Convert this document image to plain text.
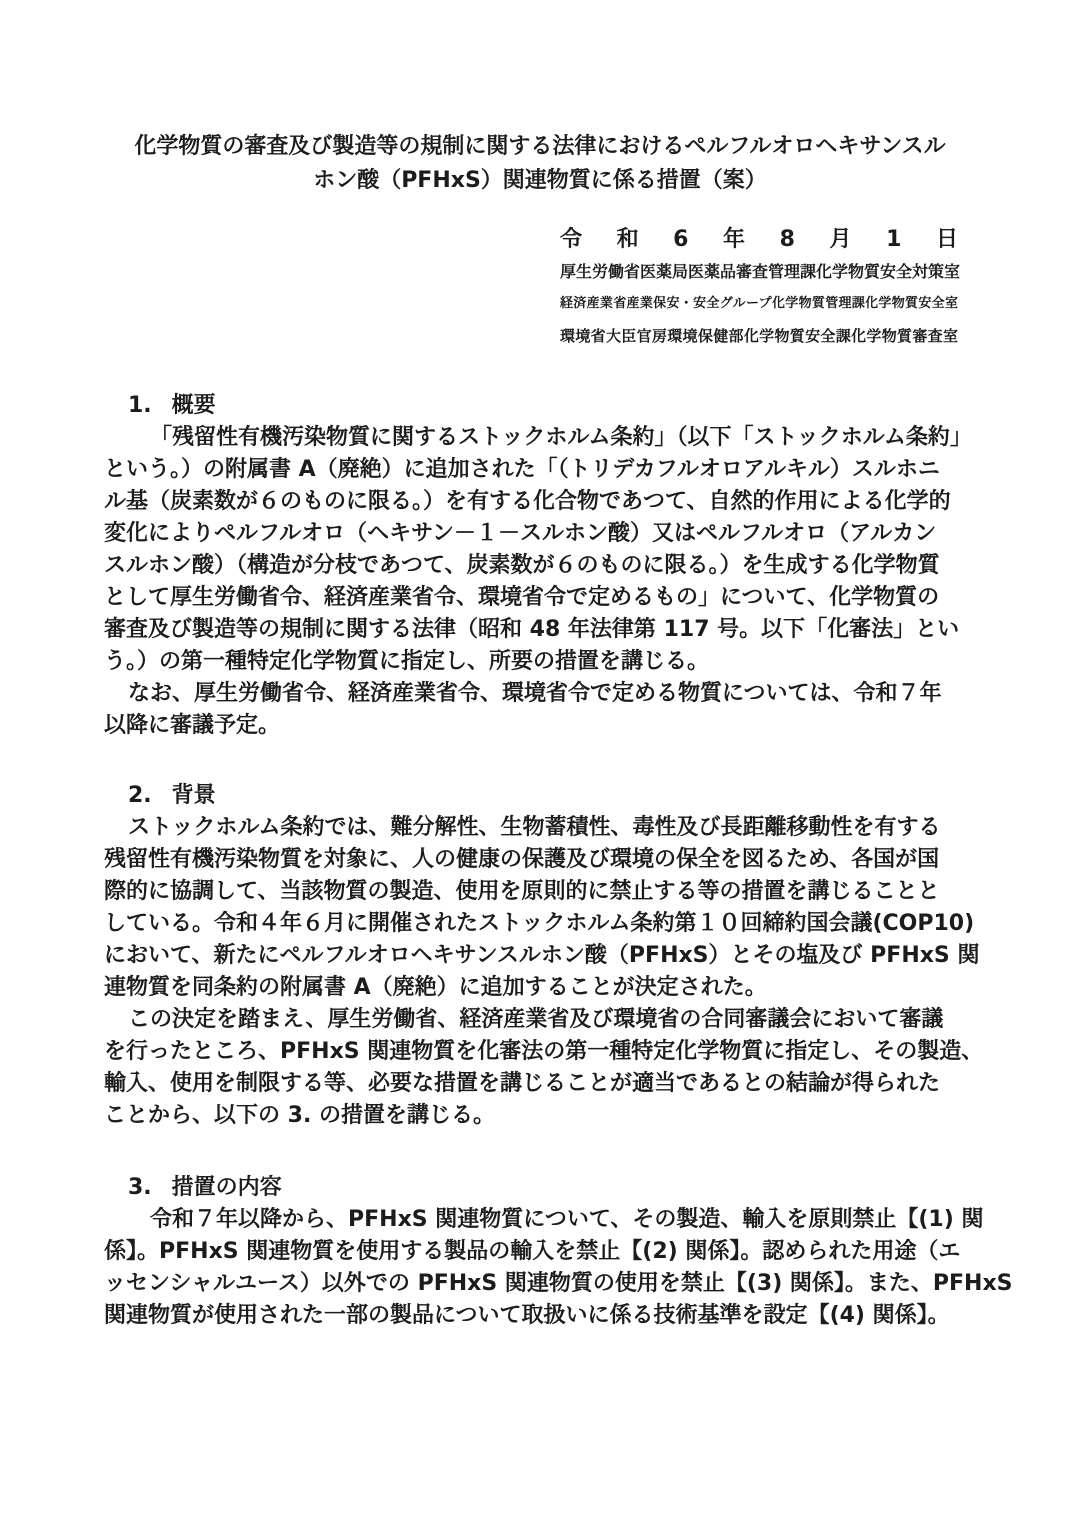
化学物質の審査及び製造等の規制に関する法律におけるペルフルオロヘキサンスル
ホン酸（PFHxS）関連物質に係る措置（案）
令和6年8月1日
厚生労働省医薬局医薬品審査管理課化学物質安全対策室
経済産業省産業保安・安全グループ化学物質管理課化学物質安全室
環境省大臣官房環境保健部化学物質安全課化学物質審査室
1. 概要
「残留性有機汚染物質に関するストックホルム条約」（以下「ストックホルム条約」
という。）の附属書 A（廃絶）に追加された「（トリデカフルオロアルキル）スルホニ
ル基（炭素数が６のものに限る。）を有する化合物であつて、自然的作用による化学的
変化によりペルフルオロ（ヘキサン－１－スルホン酸）又はペルフルオロ（アルカン
スルホン酸）（構造が分枝であつて、炭素数が６のものに限る。）を生成する化学物質
として厚生労働省令、経済産業省令、環境省令で定めるもの」について、化学物質の
審査及び製造等の規制に関する法律（昭和 48 年法律第 117 号。以下「化審法」とい
う。）の第一種特定化学物質に指定し、所要の措置を講じる。
なお、厚生労働省令、経済産業省令、環境省令で定める物質については、令和７年
以降に審議予定。
2. 背景
ストックホルム条約では、難分解性、生物蓄積性、毒性及び長距離移動性を有する
残留性有機汚染物質を対象に、人の健康の保護及び環境の保全を図るため、各国が国
際的に協調して、当該物質の製造、使用を原則的に禁止する等の措置を講じることと
している。令和４年６月に開催されたストックホルム条約第１０回締約国会議(COP10)
において、新たにペルフルオロヘキサンスルホン酸（PFHxS）とその塩及び PFHxS 関
連物質を同条約の附属書 A（廃絶）に追加することが決定された。
この決定を踏まえ、厚生労働省、経済産業省及び環境省の合同審議会において審議
を行ったところ、PFHxS 関連物質を化審法の第一種特定化学物質に指定し、その製造、
輸入、使用を制限する等、必要な措置を講じることが適当であるとの結論が得られた
ことから、以下の 3. の措置を講じる。
3. 措置の内容
令和７年以降から、PFHxS 関連物質について、その製造、輸入を原則禁止【(1) 関
係】。PFHxS 関連物質を使用する製品の輸入を禁止【(2) 関係】。認められた用途（エ
ッセンシャルユース）以外での PFHxS 関連物質の使用を禁止【(3) 関係】。また、PFHxS
関連物質が使用された一部の製品について取扱いに係る技術基準を設定【(4) 関係】。
